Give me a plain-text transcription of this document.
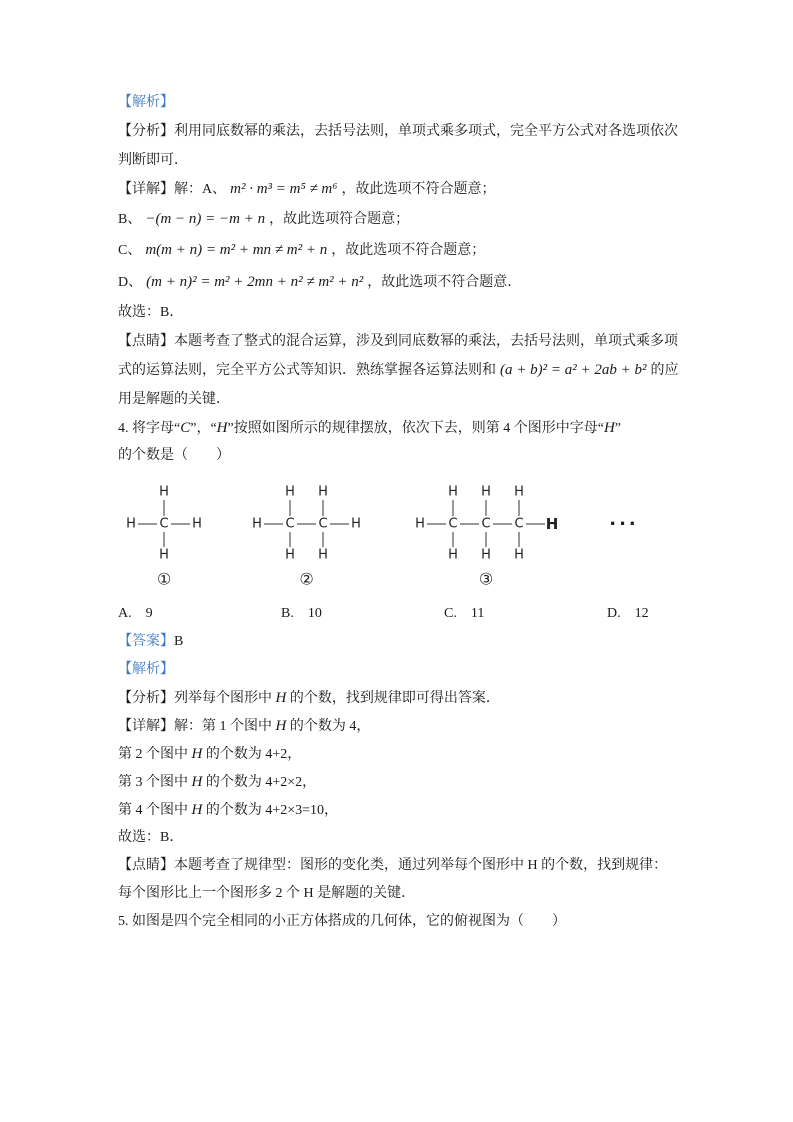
【解析】
【分析】利用同底数幂的乘法，去括号法则，单项式乘多项式，完全平方公式对各选项依次
判断即可．
【详解】解：A、 m² · m³ = m⁵ ≠ m⁶ ，故此选项不符合题意；
B、 −(m − n) = −m + n ，故此选项符合题意；
C、 m(m + n) = m² + mn ≠ m² + n ，故此选项不符合题意；
D、 (m + n)² = m² + 2mn + n² ≠ m² + n² ，故此选项不符合题意．
故选：B．
【点睛】本题考查了整式的混合运算，涉及到同底数幂的乘法，去括号法则，单项式乘多项
式的运算法则，完全平方公式等知识．熟练掌握各运算法则和 (a + b)² = a² + 2ab + b² 的应
用是解题的关键．
4. 将字母“C”，“H”按照如图所示的规律摆放，依次下去，则第 4 个图形中字母“H”
的个数是（　　）
H
H
C
H
H
①
H
H
C
H
H
C
H
H
②
H
H
C
H
H
C
H
H
C
H
H
③
···
A. 9	B. 10	C. 11	D. 12
【答案】B
【解析】
【分析】列举每个图形中 H 的个数，找到规律即可得出答案．
【详解】解：第 1 个图中 H 的个数为 4，
第 2 个图中 H 的个数为 4+2，
第 3 个图中 H 的个数为 4+2×2，
第 4 个图中 H 的个数为 4+2×3=10，
故选：B．
【点睛】本题考查了规律型：图形的变化类，通过列举每个图形中 H 的个数，找到规律：
每个图形比上一个图形多 2 个 H 是解题的关键．
5. 如图是四个完全相同的小正方体搭成的几何体，它的俯视图为（　　）
